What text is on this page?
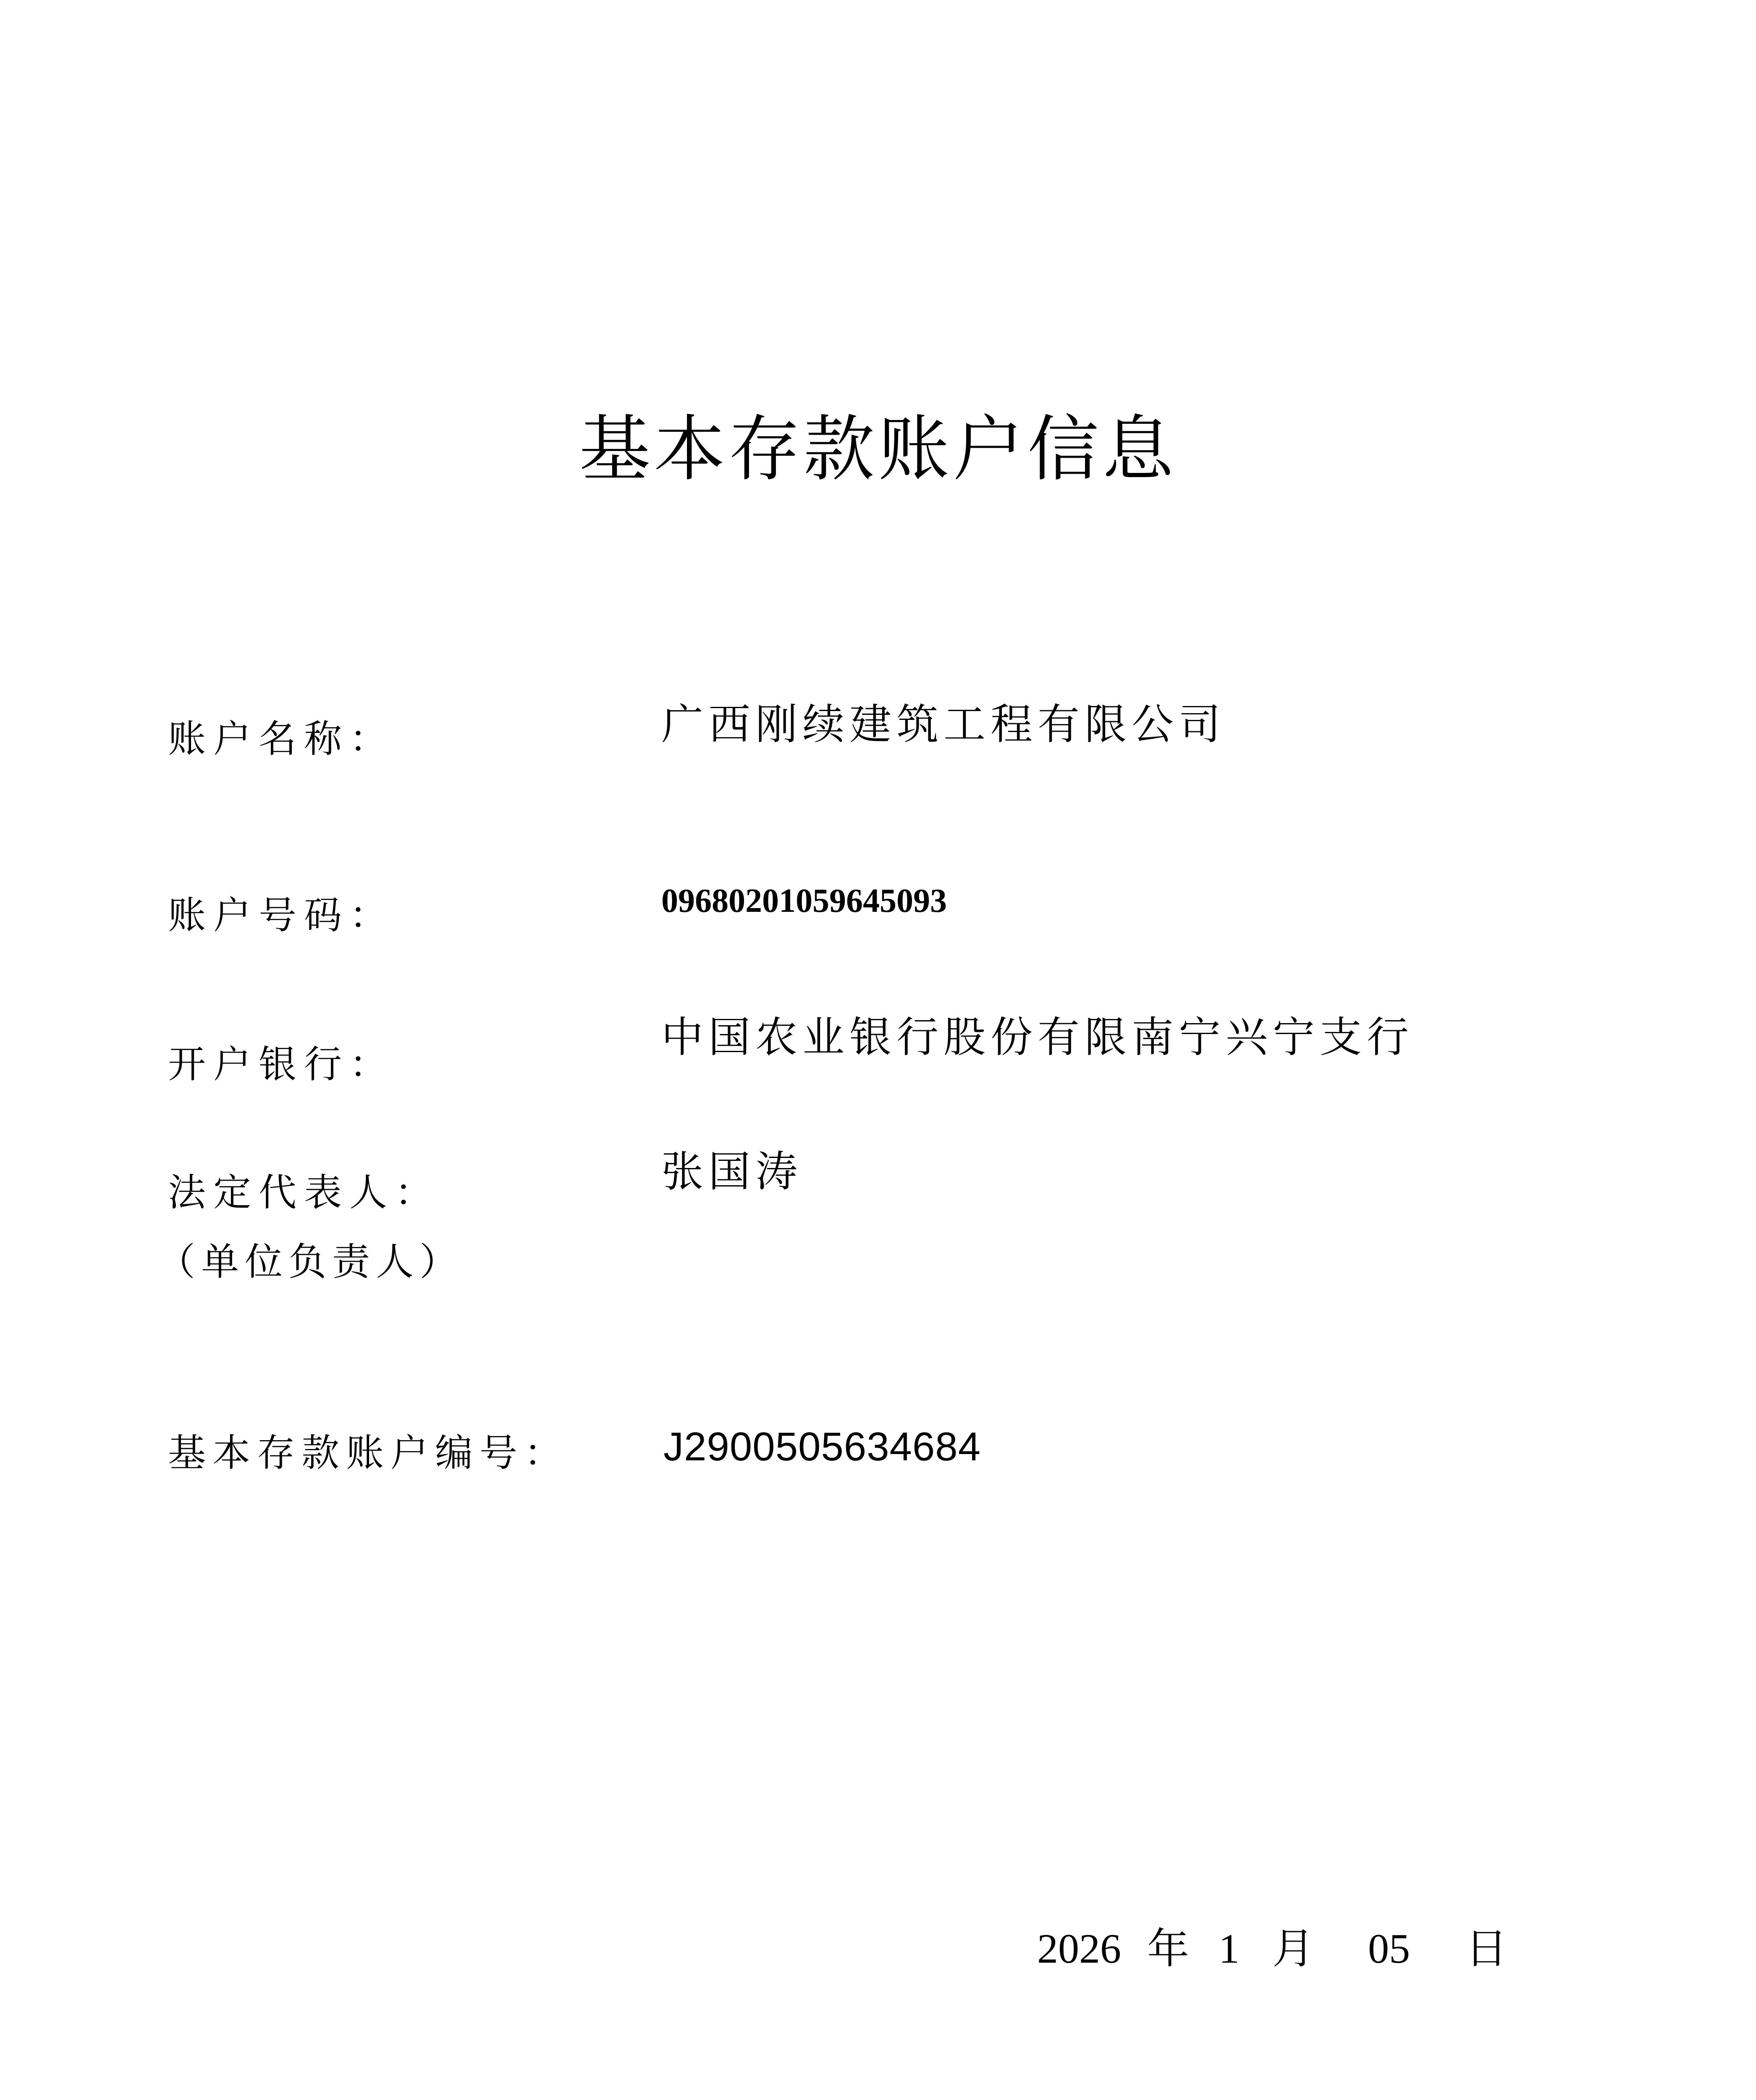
基本存款账户信息
账户名称：	广西刚续建筑工程有限公司
账户号码：	09680201059645093
开户银行：
中国农业银行股份有限南宁兴宁支行
法定代表人：
（单位负责人）
张国涛
基本存款账户编号： J2900505634684
2026 年 1 月 05 日
